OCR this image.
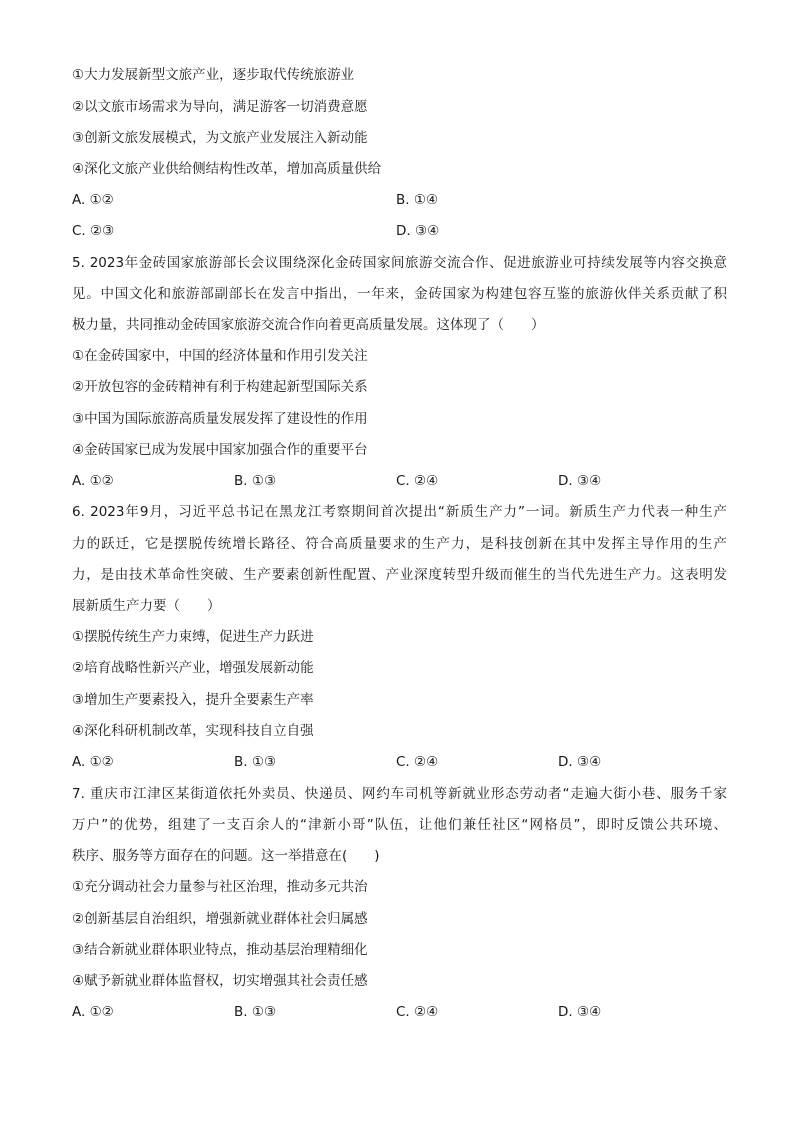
①大力发展新型文旅产业，逐步取代传统旅游业

②以文旅市场需求为导向，满足游客一切消费意愿

③创新文旅发展模式，为文旅产业发展注入新动能

④深化文旅产业供给侧结构性改革，增加高质量供给

A. ①②	B. ①④
C. ②③	D. ③④

5. 2023年金砖国家旅游部长会议围绕深化金砖国家间旅游交流合作、促进旅游业可持续发展等内容交换意

见。中国文化和旅游部副部长在发言中指出，一年来，金砖国家为构建包容互鉴的旅游伙伴关系贡献了积

极力量，共同推动金砖国家旅游交流合作向着更高质量发展。这体现了（　　）

①在金砖国家中，中国的经济体量和作用引发关注

②开放包容的金砖精神有利于构建起新型国际关系

③中国为国际旅游高质量发展发挥了建设性的作用

④金砖国家已成为发展中国家加强合作的重要平台

A. ①②	B. ①③	C. ②④	D. ③④

6. 2023年9月，习近平总书记在黑龙江考察期间首次提出“新质生产力”一词。新质生产力代表一种生产

力的跃迁，它是摆脱传统增长路径、符合高质量要求的生产力，是科技创新在其中发挥主导作用的生产

力，是由技术革命性突破、生产要素创新性配置、产业深度转型升级而催生的当代先进生产力。这表明发

展新质生产力要（　　）

①摆脱传统生产力束缚，促进生产力跃进

②培育战略性新兴产业，增强发展新动能

③增加生产要素投入，提升全要素生产率

④深化科研机制改革，实现科技自立自强

A. ①②	B. ①③	C. ②④	D. ③④

7. 重庆市江津区某街道依托外卖员、快递员、网约车司机等新就业形态劳动者“走遍大街小巷、服务千家

万户”的优势，组建了一支百余人的“津新小哥”队伍，让他们兼任社区“网格员”，即时反馈公共环境、

秩序、服务等方面存在的问题。这一举措意在(　　)

①充分调动社会力量参与社区治理，推动多元共治

②创新基层自治组织，增强新就业群体社会归属感

③结合新就业群体职业特点，推动基层治理精细化

④赋予新就业群体监督权，切实增强其社会责任感

A. ①②	B. ①③	C. ②④	D. ③④
